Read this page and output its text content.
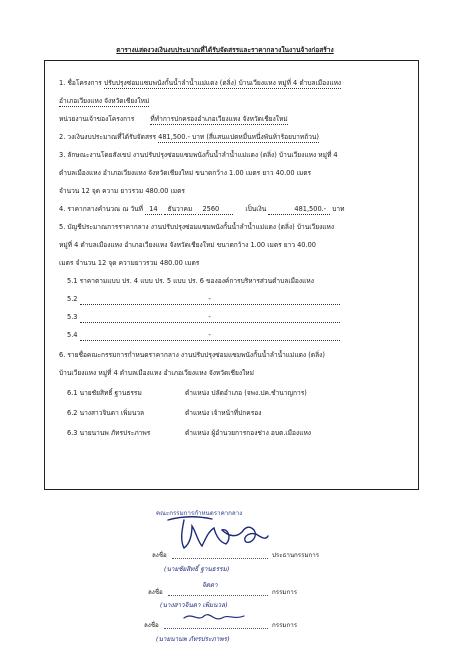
ตารางแสดงวงเงินงบประมาณที่ได้รับจัดสรรและราคากลางในงานจ้างก่อสร้าง
1. ชื่อโครงการ ปรับปรุงซ่อมแซมพนังกั้นน้ำลำน้ำแม่แตง (ตลิ่ง) บ้านเวียงแหง หมู่ที่ 4 ตำบลเมืองแหง
อำเภอเวียงแหง จังหวัดเชียงใหม่
หน่วยงานเจ้าของโครงการ ที่ทำการปกครองอำเภอเวียงแหง จังหวัดเชียงใหม่
2. วงเงินงบประมาณที่ได้รับจัดสรร 481,500.- บาท (สี่แสนแปดหมื่นหนึ่งพันห้าร้อยบาทถ้วน)
3. ลักษณะงานโดยสังเขป งานปรับปรุงซ่อมแซมพนังกั้นน้ำลำน้ำแม่แตง (ตลิ่ง) บ้านเวียงแหง หมู่ที่ 4
ตำบลเมืองแหง อำเภอเวียงแหง จังหวัดเชียงใหม่ ขนาดกว้าง 1.00 เมตร ยาว 40.00 เมตร
จำนวน 12 จุด ความ ยาวรวม 480.00 เมตร
4. ราคากลางคำนวณ ณ วันที่ 14 ธันวาคม 2560	เป็นเงิน	481,500.- บาท
5. บัญชีประมาณการราคากลาง งานปรับปรุงซ่อมแซมพนังกั้นน้ำลำน้ำแม่แตง (ตลิ่ง) บ้านเวียงแหง
หมู่ที่ 4 ตำบลเมืองแหง อำเภอเวียงแหง จังหวัดเชียงใหม่ ขนาดกว้าง 1.00 เมตร ยาว 40.00
เมตร จำนวน 12 จุด ความยาวรวม 480.00 เมตร
5.1 ราคาตามแบบ ปร. 4 แบบ ปร. 5 แบบ ปร. 6 ขององค์การบริหารส่วนตำบลเมืองแหง
5.2	-
5.3	-
5.4	-
6. รายชื่อคณะกรรมการกำหนดราคากลาง งานปรับปรุงซ่อมแซมพนังกั้นน้ำลำน้ำแม่แตง (ตลิ่ง)
บ้านเวียงแหง หมู่ที่ 4 ตำบลเมืองแหง อำเภอเวียงแหง จังหวัดเชียงใหม่
6.1 นายชัยสิทธิ์ ฐานธรรม	ตำแหน่ง ปลัดอำเภอ (จพง.ปค.ชำนาญการ)
6.2 นางสาวจินดา เพิ่มนวล	ตำแหน่ง เจ้าหน้าที่ปกครอง
6.3 นายนานพ ภัทรประภาพร	ตำแหน่ง ผู้อำนวยการกองช่าง อบต.เมืองแหง
คณะกรรมการกำหนดราคากลาง
ลงชื่อ	ประธานกรรมการ
(นายชัยสิทธิ์ ฐานธรรม)
ลงชื่อ
จิตดา
กรรมการ
(นางสาวจินดา เพิ่มนวล)
ลงชื่อ	กรรมการ
(นายนานพ ภัทรประภาพร)
